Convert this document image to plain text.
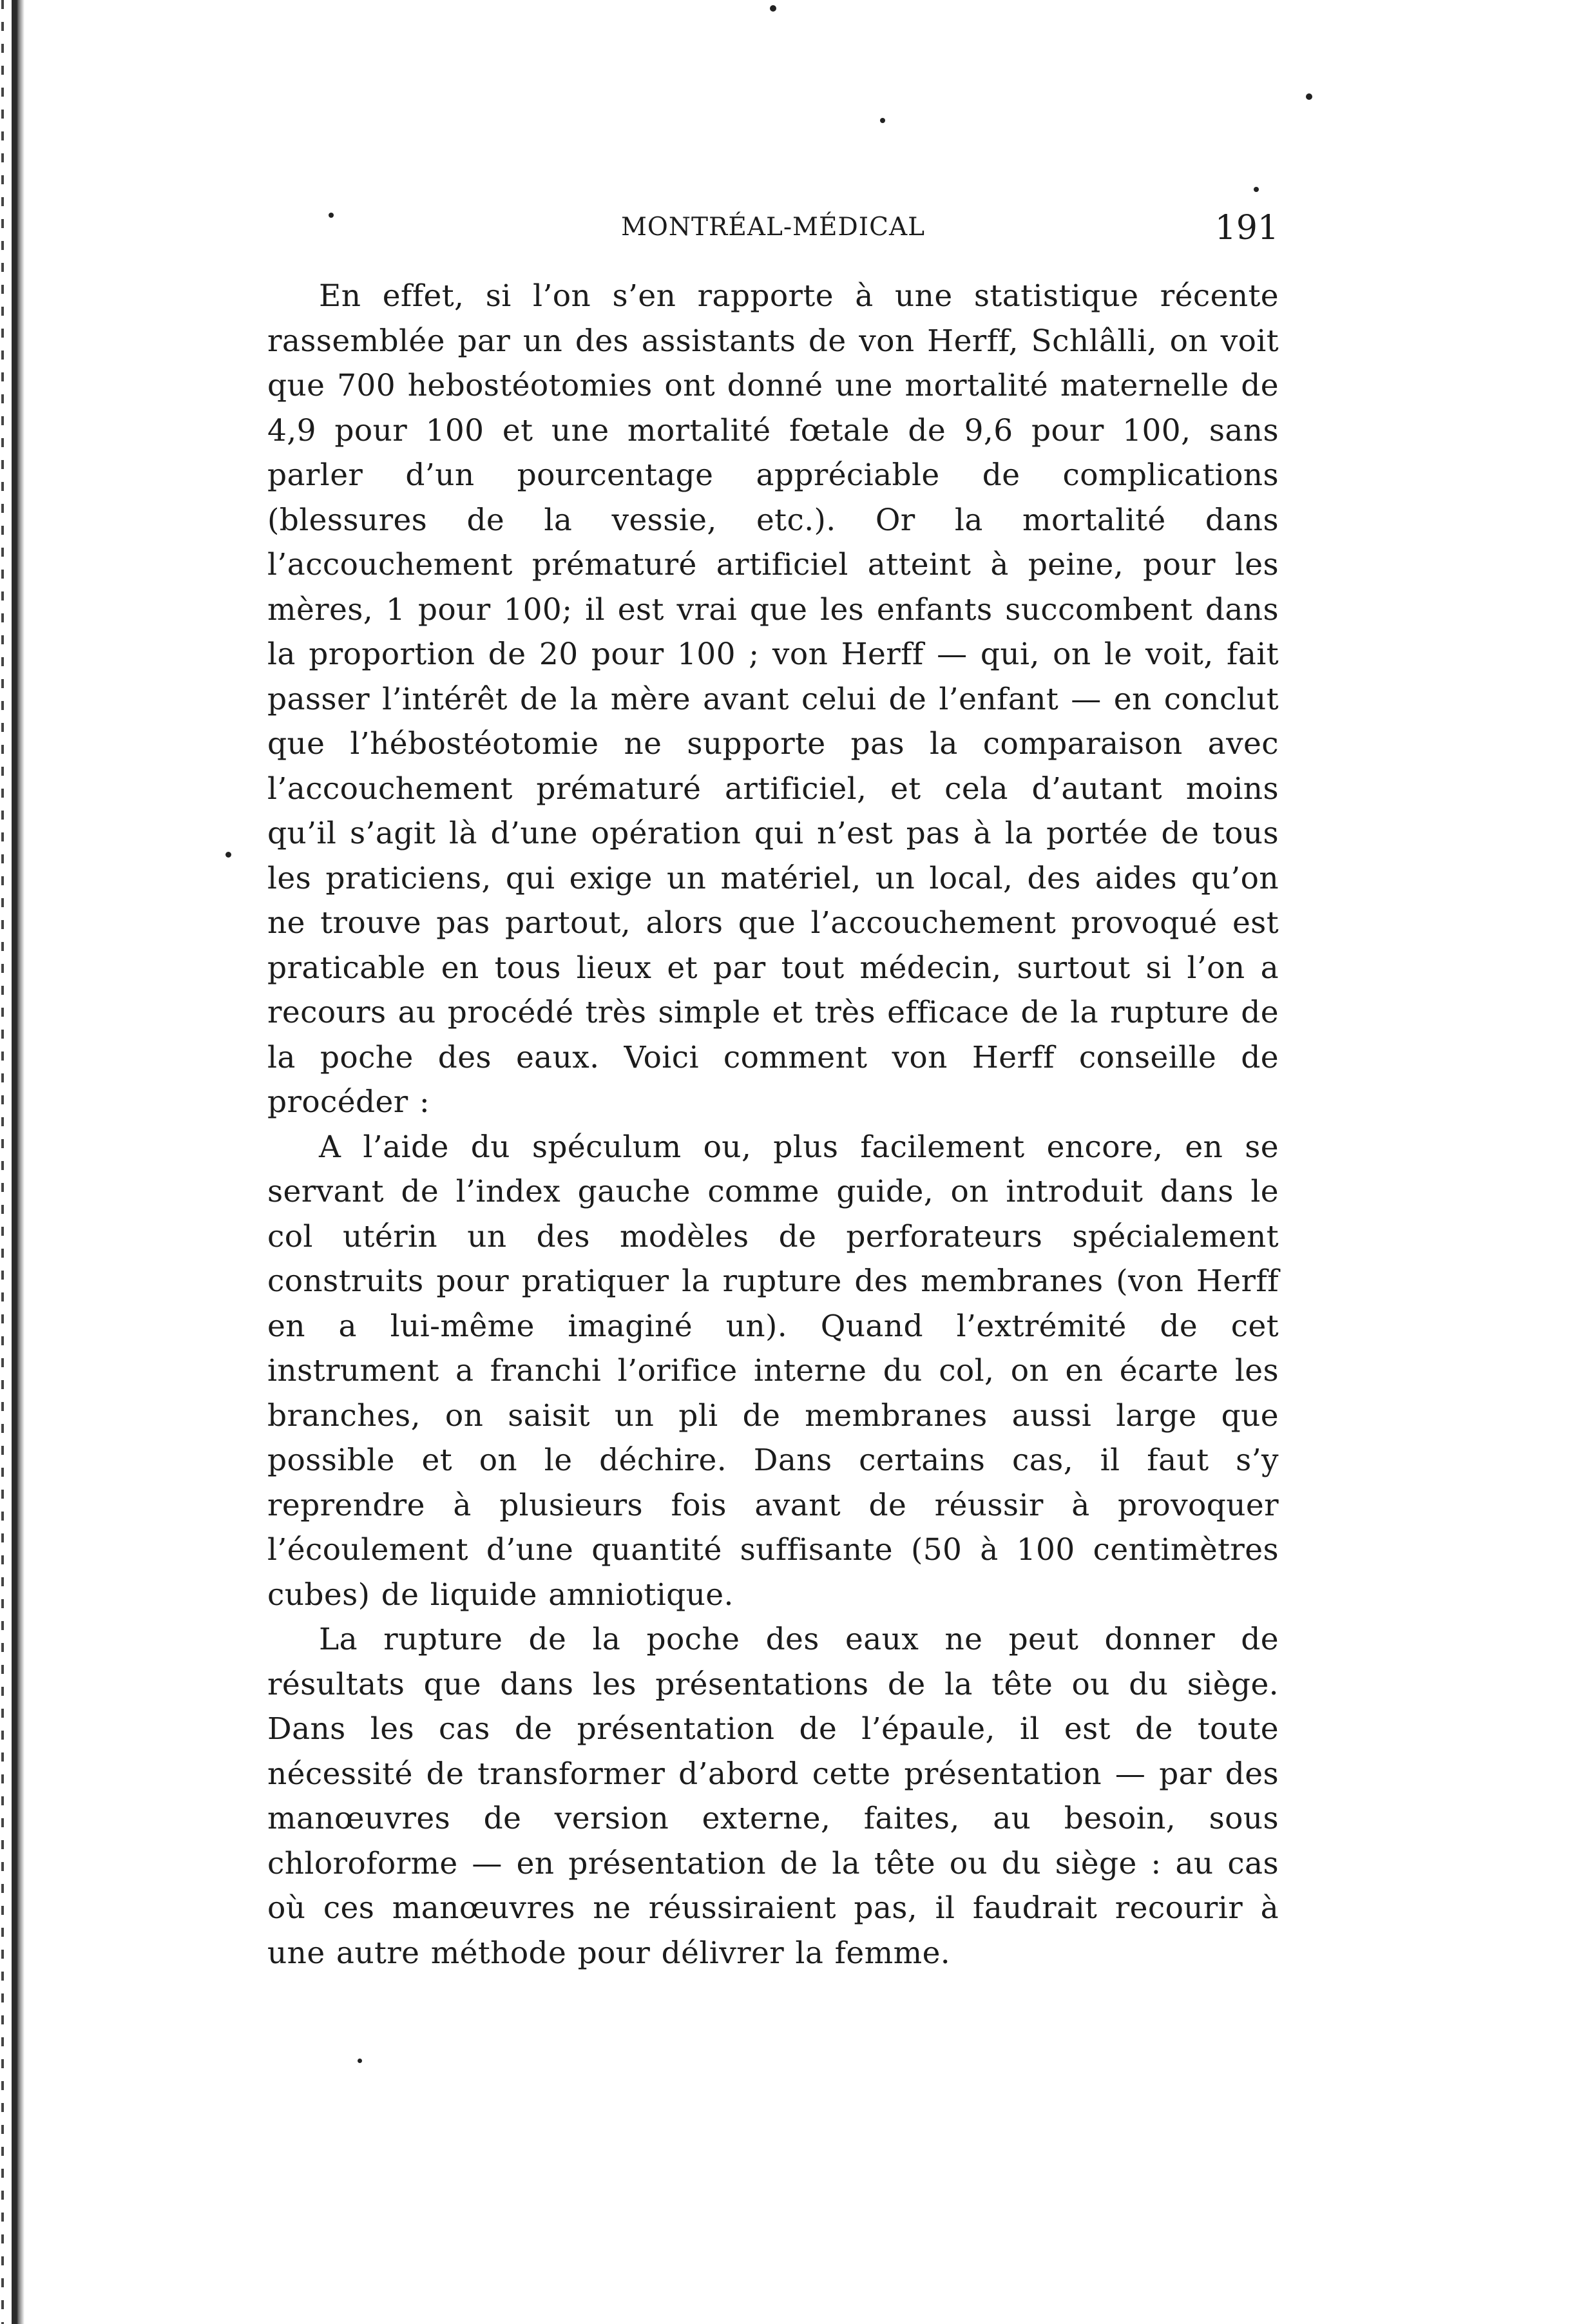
MONTRÉAL-MÉDICAL	191

En effet, si l’on s’en rapporte à une statistique récente rassemblée par un des assistants de von Herff, Schlâlli, on voit que 700 hebostéotomies ont donné une mortalité maternelle de 4,9 pour 100 et une mortalité fœtale de 9,6 pour 100, sans parler d’un pourcentage appréciable de complications (blessures de la vessie, etc.). Or la mortalité dans l’accouchement prématuré artificiel atteint à peine, pour les mères, 1 pour 100; il est vrai que les enfants succombent dans la proportion de 20 pour 100 ; von Herff — qui, on le voit, fait passer l’intérêt de la mère avant celui de l’enfant — en conclut que l’hébostéotomie ne supporte pas la comparaison avec l’accouchement prématuré artificiel, et cela d’autant moins qu’il s’agit là d’une opération qui n’est pas à la portée de tous les praticiens, qui exige un matériel, un local, des aides qu’on ne trouve pas partout, alors que l’accouchement provoqué est praticable en tous lieux et par tout médecin, surtout si l’on a recours au procédé très simple et très efficace de la rupture de la poche des eaux. Voici comment von Herff conseille de procéder :

A l’aide du spéculum ou, plus facilement encore, en se servant de l’index gauche comme guide, on introduit dans le col utérin un des modèles de perforateurs spécialement construits pour pratiquer la rupture des membranes (von Herff en a lui-même imaginé un). Quand l’extrémité de cet instrument a franchi l’orifice interne du col, on en écarte les branches, on saisit un pli de membranes aussi large que possible et on le déchire. Dans certains cas, il faut s’y reprendre à plusieurs fois avant de réussir à provoquer l’écoulement d’une quantité suffisante (50 à 100 centimètres cubes) de liquide amniotique.

La rupture de la poche des eaux ne peut donner de résultats que dans les présentations de la tête ou du siège. Dans les cas de présentation de l’épaule, il est de toute nécessité de transformer d’abord cette présentation — par des manœuvres de version externe, faites, au besoin, sous chloroforme — en présentation de la tête ou du siège : au cas où ces manœuvres ne réussiraient pas, il faudrait recourir à une autre méthode pour délivrer la femme.
